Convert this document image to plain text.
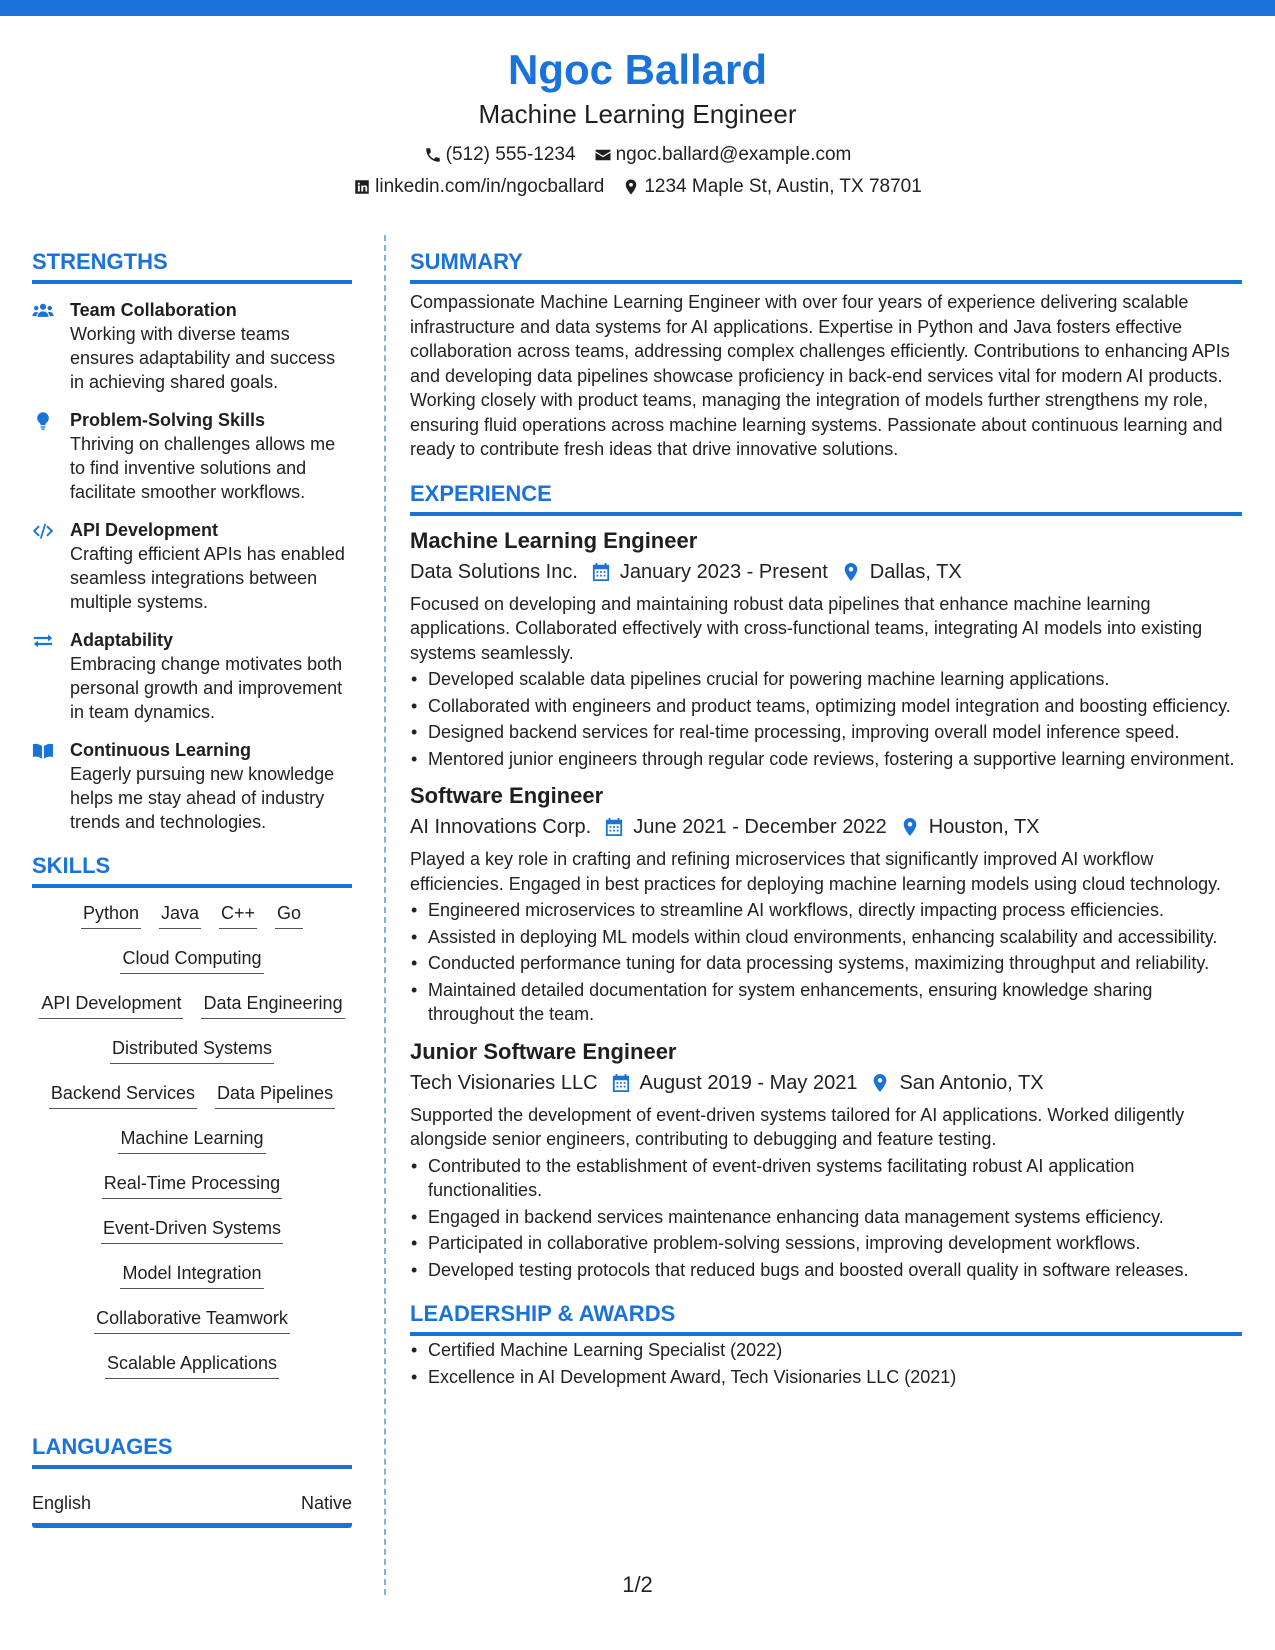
Ngoc Ballard
Machine Learning Engineer
(512) 555-1234 ngoc.ballard@example.com
linkedin.com/in/ngocballard 1234 Maple St, Austin, TX 78701
STRENGTHS
Team Collaboration
Working with diverse teams ensures adaptability and success in achieving shared goals.
Problem-Solving Skills
Thriving on challenges allows me to find inventive solutions and facilitate smoother workflows.
API Development
Crafting efficient APIs has enabled seamless integrations between multiple systems.
Adaptability
Embracing change motivates both personal growth and improvement in team dynamics.
Continuous Learning
Eagerly pursuing new knowledge helps me stay ahead of industry trends and technologies.
SKILLS
Python Java C++ Go
Cloud Computing
API Development Data Engineering
Distributed Systems
Backend Services Data Pipelines
Machine Learning
Real-Time Processing
Event-Driven Systems
Model Integration
Collaborative Teamwork
Scalable Applications
LANGUAGES
English	Native
SUMMARY
Compassionate Machine Learning Engineer with over four years of experience delivering scalable infrastructure and data systems for AI applications. Expertise in Python and Java fosters effective collaboration across teams, addressing complex challenges efficiently. Contributions to enhancing APIs and developing data pipelines showcase proficiency in back-end services vital for modern AI products. Working closely with product teams, managing the integration of models further strengthens my role, ensuring fluid operations across machine learning systems. Passionate about continuous learning and ready to contribute fresh ideas that drive innovative solutions.
EXPERIENCE
Machine Learning Engineer
Data Solutions Inc. January 2023 - Present Dallas, TX
Focused on developing and maintaining robust data pipelines that enhance machine learning applications. Collaborated effectively with cross-functional teams, integrating AI models into existing systems seamlessly.
• Developed scalable data pipelines crucial for powering machine learning applications.
• Collaborated with engineers and product teams, optimizing model integration and boosting efficiency.
• Designed backend services for real-time processing, improving overall model inference speed.
• Mentored junior engineers through regular code reviews, fostering a supportive learning environment.
Software Engineer
AI Innovations Corp. June 2021 - December 2022 Houston, TX
Played a key role in crafting and refining microservices that significantly improved AI workflow efficiencies. Engaged in best practices for deploying machine learning models using cloud technology.
• Engineered microservices to streamline AI workflows, directly impacting process efficiencies.
• Assisted in deploying ML models within cloud environments, enhancing scalability and accessibility.
• Conducted performance tuning for data processing systems, maximizing throughput and reliability.
• Maintained detailed documentation for system enhancements, ensuring knowledge sharing throughout the team.
Junior Software Engineer
Tech Visionaries LLC August 2019 - May 2021 San Antonio, TX
Supported the development of event-driven systems tailored for AI applications. Worked diligently alongside senior engineers, contributing to debugging and feature testing.
• Contributed to the establishment of event-driven systems facilitating robust AI application functionalities.
• Engaged in backend services maintenance enhancing data management systems efficiency.
• Participated in collaborative problem-solving sessions, improving development workflows.
• Developed testing protocols that reduced bugs and boosted overall quality in software releases.
LEADERSHIP & AWARDS
• Certified Machine Learning Specialist (2022)
• Excellence in AI Development Award, Tech Visionaries LLC (2021)
1/2
